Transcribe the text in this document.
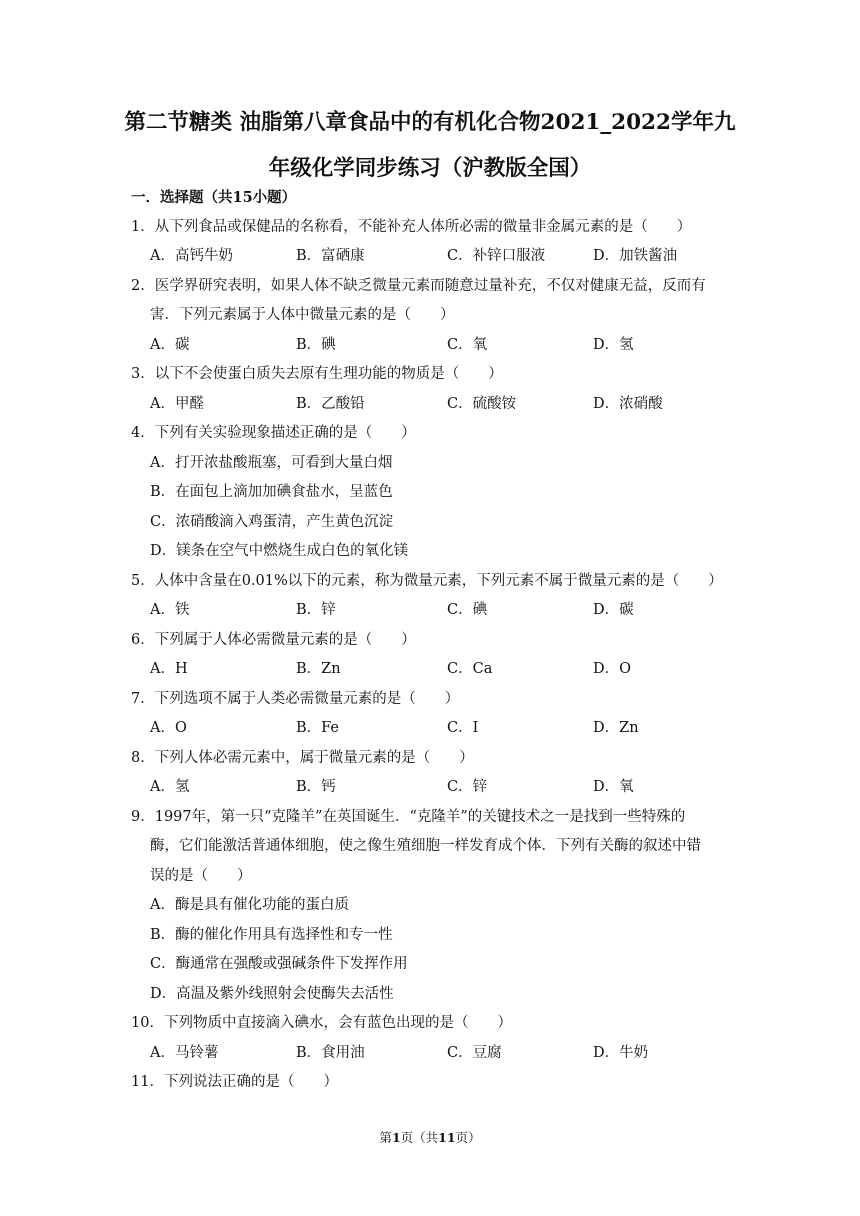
第二节糖类 油脂第八章食品中的有机化合物2021_2022学年九
年级化学同步练习（沪教版全国）
一．选择题（共15小题）
1．从下列食品或保健品的名称看，不能补充人体所必需的微量非金属元素的是（　　）
A．高钙牛奶	B．富硒康	C．补锌口服液	D．加铁酱油
2．医学界研究表明，如果人体不缺乏微量元素而随意过量补充，不仅对健康无益，反而有
害．下列元素属于人体中微量元素的是（　　）
A．碳	B．碘	C．氧	D．氢
3．以下不会使蛋白质失去原有生理功能的物质是（　　）
A．甲醛	B．乙酸铅	C．硫酸铵	D．浓硝酸
4．下列有关实验现象描述正确的是（　　）
A．打开浓盐酸瓶塞，可看到大量白烟
B．在面包上滴加加碘食盐水，呈蓝色
C．浓硝酸滴入鸡蛋清，产生黄色沉淀
D．镁条在空气中燃烧生成白色的氧化镁
5．人体中含量在0.01%以下的元素，称为微量元素，下列元素不属于微量元素的是（　　）
A．铁	B．锌	C．碘	D．碳
6．下列属于人体必需微量元素的是（　　）
A．H	B．Zn	C．Ca	D．O
7．下列选项不属于人类必需微量元素的是（　　）
A．O	B．Fe	C．I	D．Zn
8．下列人体必需元素中，属于微量元素的是（　　）
A．氢	B．钙	C．锌	D．氧
9．1997年，第一只“克隆羊”在英国诞生．“克隆羊”的关键技术之一是找到一些特殊的
酶，它们能激活普通体细胞，使之像生殖细胞一样发育成个体．下列有关酶的叙述中错
误的是（　　）
A．酶是具有催化功能的蛋白质
B．酶的催化作用具有选择性和专一性
C．酶通常在强酸或强碱条件下发挥作用
D．高温及紫外线照射会使酶失去活性
10．下列物质中直接滴入碘水，会有蓝色出现的是（　　）
A．马铃薯	B．食用油	C．豆腐	D．牛奶
11．下列说法正确的是（　　）
第1页（共11页）
